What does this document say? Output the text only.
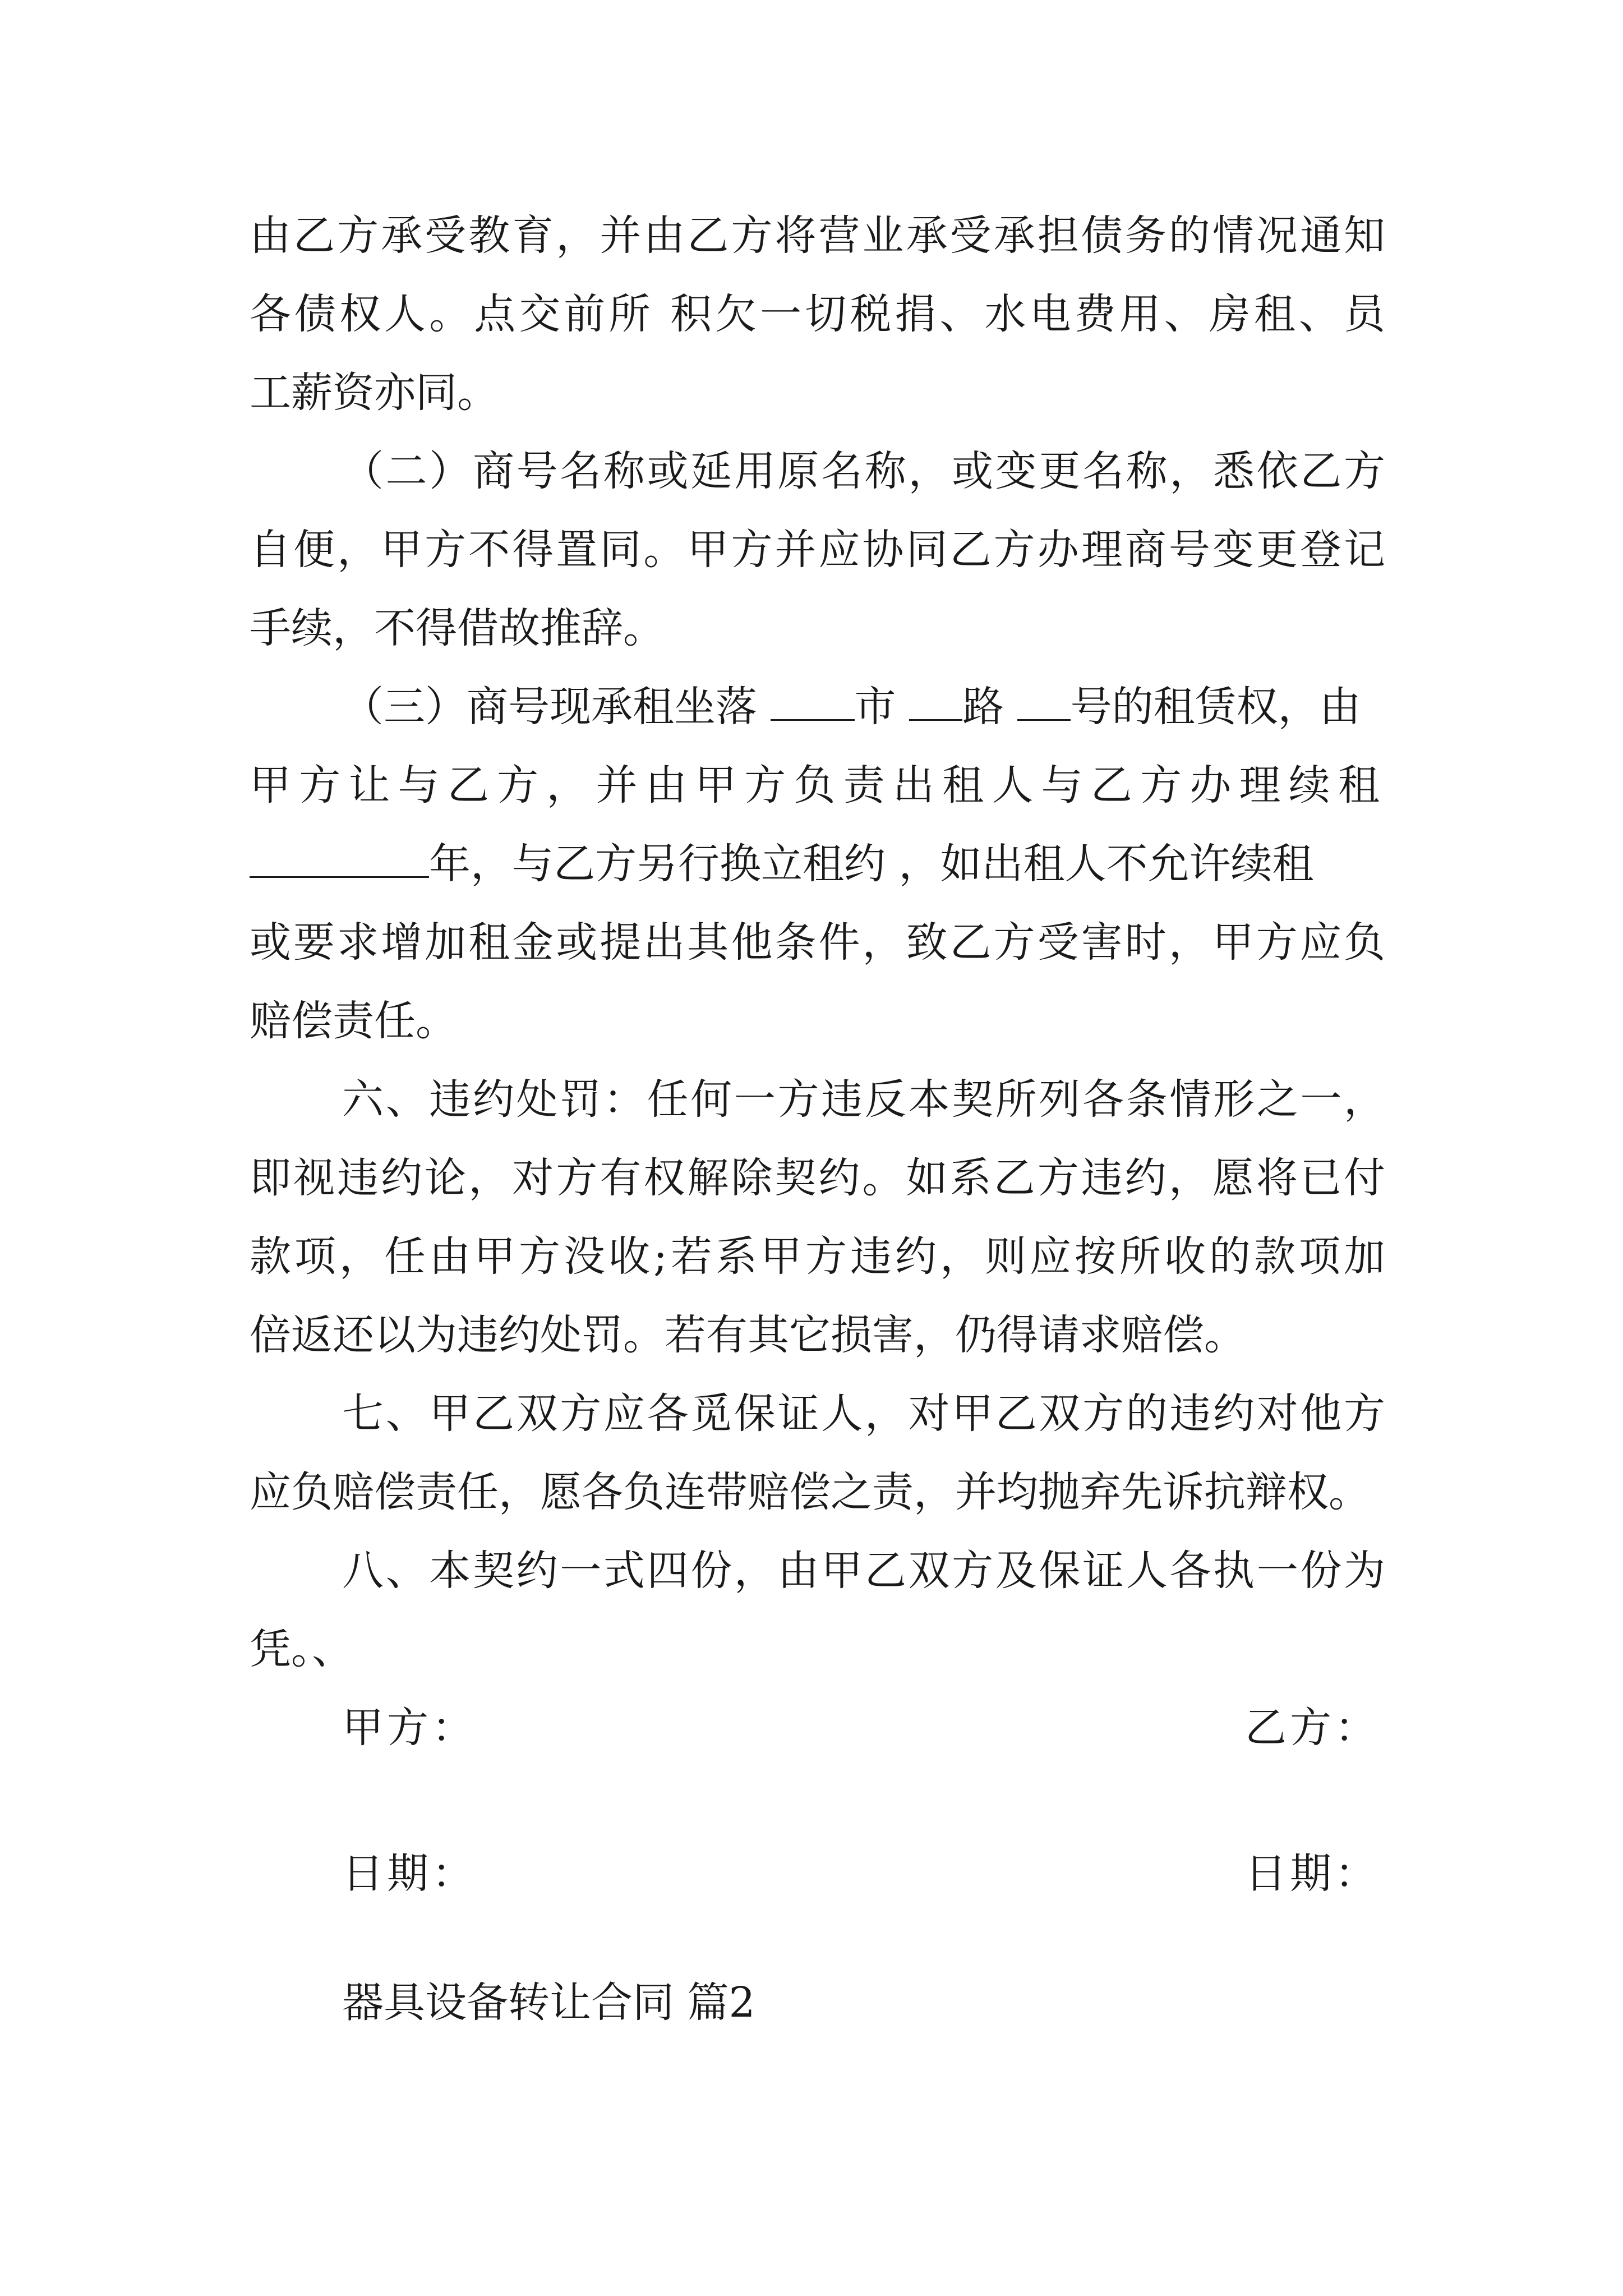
由乙方承受教育，并由乙方将营业承受承担债务的情况通知
各债权人。点交前所 积欠一切税捐、水电费用、房租、员
工薪资亦同。
（二）商号名称或延用原名称，或变更名称，悉依乙方
自便，甲方不得置同。甲方并应协同乙方办理商号变更登记
手续，不得借故推辞。
（三）商号现承租坐落 市 路 号的租赁权，由
甲方让与乙方，并由甲方负责出租人与乙方办理续租
年，与乙方另行换立租约 ，如出租人不允许续租
或要求增加租金或提出其他条件，致乙方受害时，甲方应负
赔偿责任。
六、违约处罚：任何一方违反本契所列各条情形之一，
即视违约论，对方有权解除契约。如系乙方违约，愿将已付
款项，任由甲方没收;若系甲方违约，则应按所收的款项加
倍返还以为违约处罚。若有其它损害，仍得请求赔偿。
七、甲乙双方应各觅保证人，对甲乙双方的违约对他方
应负赔偿责任，愿各负连带赔偿之责，并均抛弃先诉抗辩权。
八、本契约一式四份，由甲乙双方及保证人各执一份为
凭。、
甲方：	乙方：
日期：	日期：
器具设备转让合同 篇2
